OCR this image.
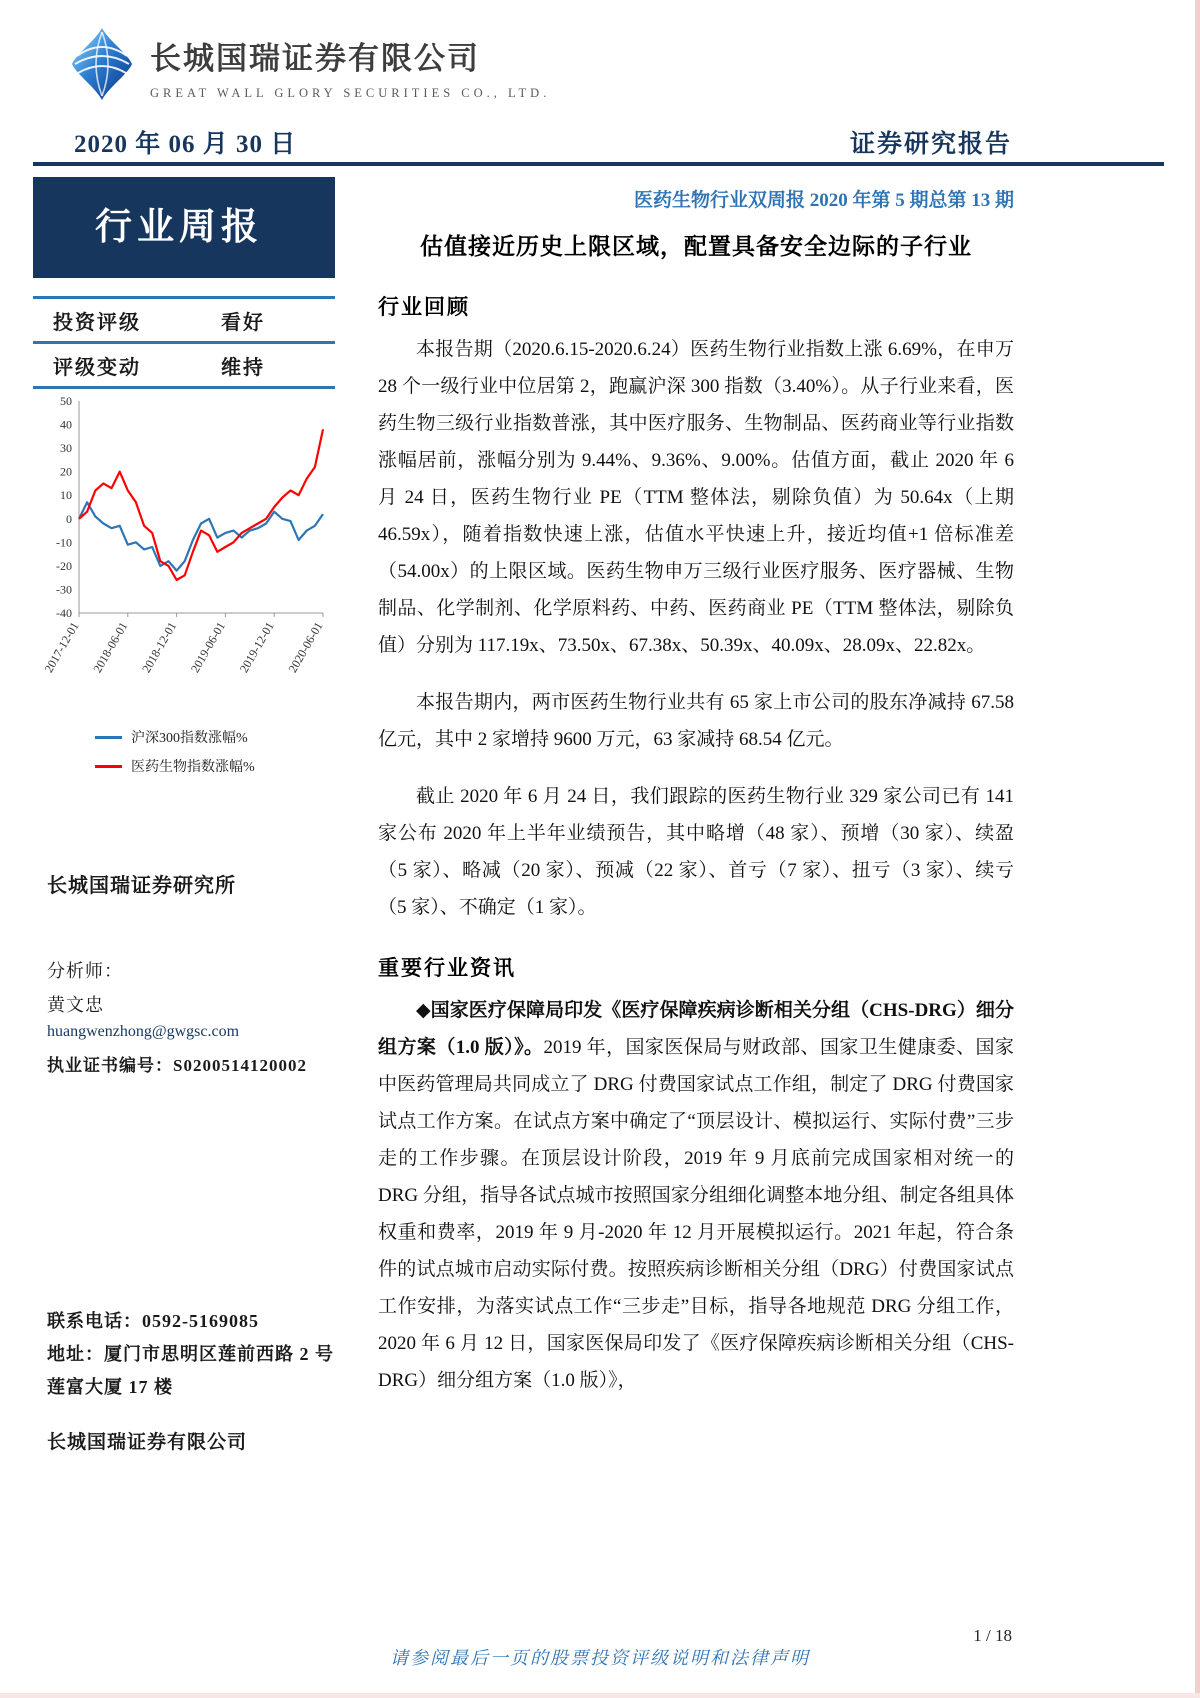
长城国瑞证券有限公司
GREAT WALL GLORY SECURITIES CO., LTD.
2020 年 06 月 30 日	证券研究报告
行业周报
投资评级	看好
评级变动	维持
50
40
30
20
10
0
-10
-20
-30
-40
2017-12-01 2018-06-01 2018-12-01 2019-06-01 2019-12-01 2020-06-01
沪深300指数涨幅%
医药生物指数涨幅%
长城国瑞证券研究所
分析师：
黄文忠
huangwenzhong@gwgsc.com
执业证书编号：S0200514120002
联系电话：0592-5169085
地址：厦门市思明区莲前西路 2 号
莲富大厦 17 楼
长城国瑞证券有限公司
医药生物行业双周报 2020 年第 5 期总第 13 期
估值接近历史上限区域，配置具备安全边际的子行业
行业回顾

本报告期（2020.6.15-2020.6.24）医药生物行业指数上涨 6.69%，在申万 28 个一级行业中位居第 2，跑赢沪深 300 指数（3.40%）。从子行业来看，医药生物三级行业指数普涨，其中医疗服务、生物制品、医药商业等行业指数涨幅居前，涨幅分别为 9.44%、9.36%、9.00%。估值方面，截止 2020 年 6 月 24 日，医药生物行业 PE（TTM 整体法，剔除负值）为 50.64x（上期 46.59x），随着指数快速上涨，估值水平快速上升，接近均值+1 倍标准差（54.00x）的上限区域。医药生物申万三级行业医疗服务、医疗器械、生物制品、化学制剂、化学原料药、中药、医药商业 PE（TTM 整体法，剔除负值）分别为 117.19x、73.50x、67.38x、50.39x、40.09x、28.09x、22.82x。

本报告期内，两市医药生物行业共有 65 家上市公司的股东净减持 67.58 亿元，其中 2 家增持 9600 万元，63 家减持 68.54 亿元。

截止 2020 年 6 月 24 日，我们跟踪的医药生物行业 329 家公司已有 141 家公布 2020 年上半年业绩预告，其中略增（48 家）、预增（30 家）、续盈（5 家）、略减（20 家）、预减（22 家）、首亏（7 家）、扭亏（3 家）、续亏（5 家）、不确定（1 家）。

重要行业资讯

◆国家医疗保障局印发《医疗保障疾病诊断相关分组（CHS-DRG）细分组方案（1.0 版）》。2019 年，国家医保局与财政部、国家卫生健康委、国家中医药管理局共同成立了 DRG 付费国家试点工作组，制定了 DRG 付费国家试点工作方案。在试点方案中确定了“顶层设计、模拟运行、实际付费”三步走的工作步骤。在顶层设计阶段，2019 年 9 月底前完成国家相对统一的 DRG 分组，指导各试点城市按照国家分组细化调整本地分组、制定各组具体权重和费率，2019 年 9 月-2020 年 12 月开展模拟运行。2021 年起，符合条件的试点城市启动实际付费。按照疾病诊断相关分组（DRG）付费国家试点工作安排，为落实试点工作“三步走”目标，指导各地规范 DRG 分组工作，2020 年 6 月 12 日，国家医保局印发了《医疗保障疾病诊断相关分组（CHS-DRG）细分组方案（1.0 版）》，

1 / 18
请参阅最后一页的股票投资评级说明和法律声明
